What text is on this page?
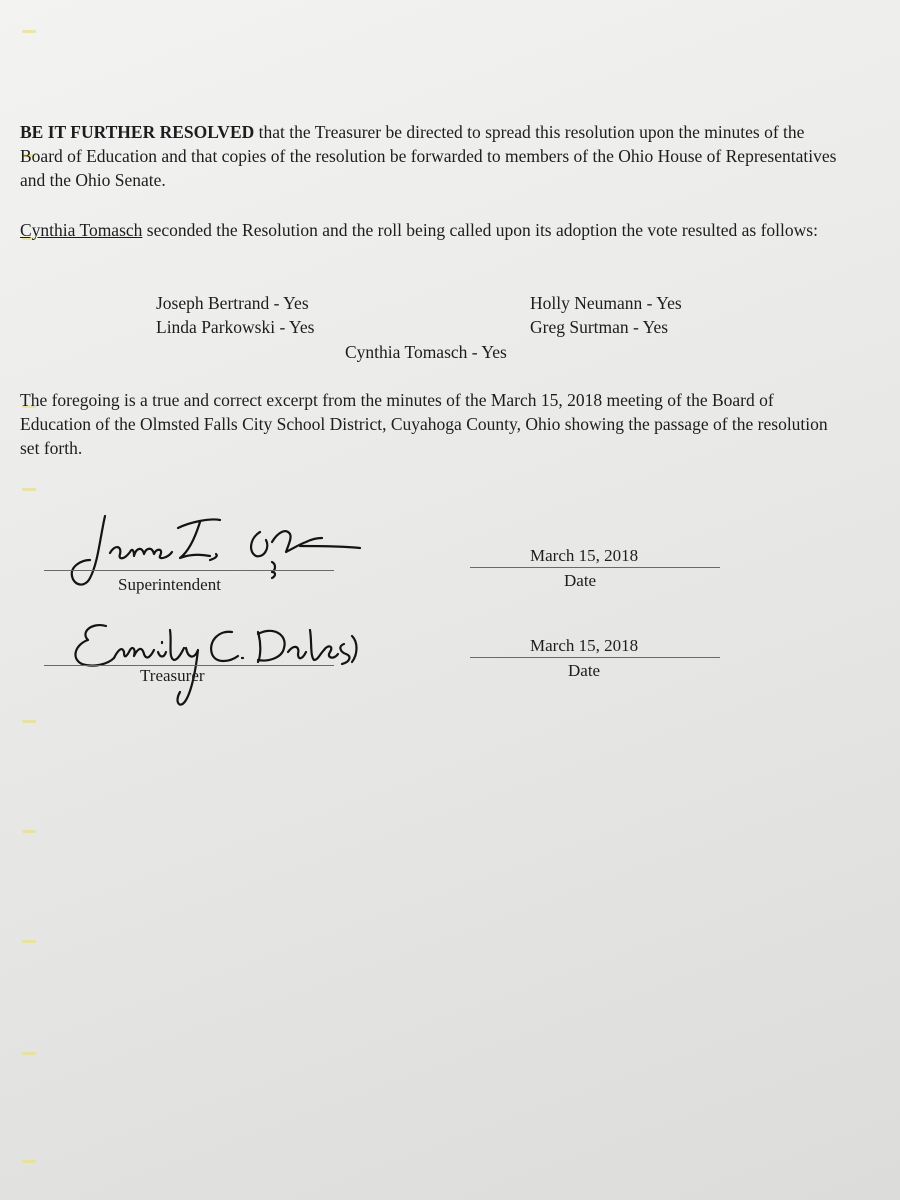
BE IT FURTHER RESOLVED that the Treasurer be directed to spread this resolution upon the minutes of the Board of Education and that copies of the resolution be forwarded to members of the Ohio House of Representatives and the Ohio Senate.

Cynthia Tomasch seconded the Resolution and the roll being called upon its adoption the vote resulted as follows:

Joseph Bertrand - Yes	Holly Neumann - Yes
Linda Parkowski - Yes	Greg Surtman - Yes
Cynthia Tomasch - Yes

The foregoing is a true and correct excerpt from the minutes of the March 15, 2018 meeting of the Board of Education of the Olmsted Falls City School District, Cuyahoga County, Ohio showing the passage of the resolution set forth.

Superintendent
March 15, 2018
Date
Treasurer
March 15, 2018
Date
